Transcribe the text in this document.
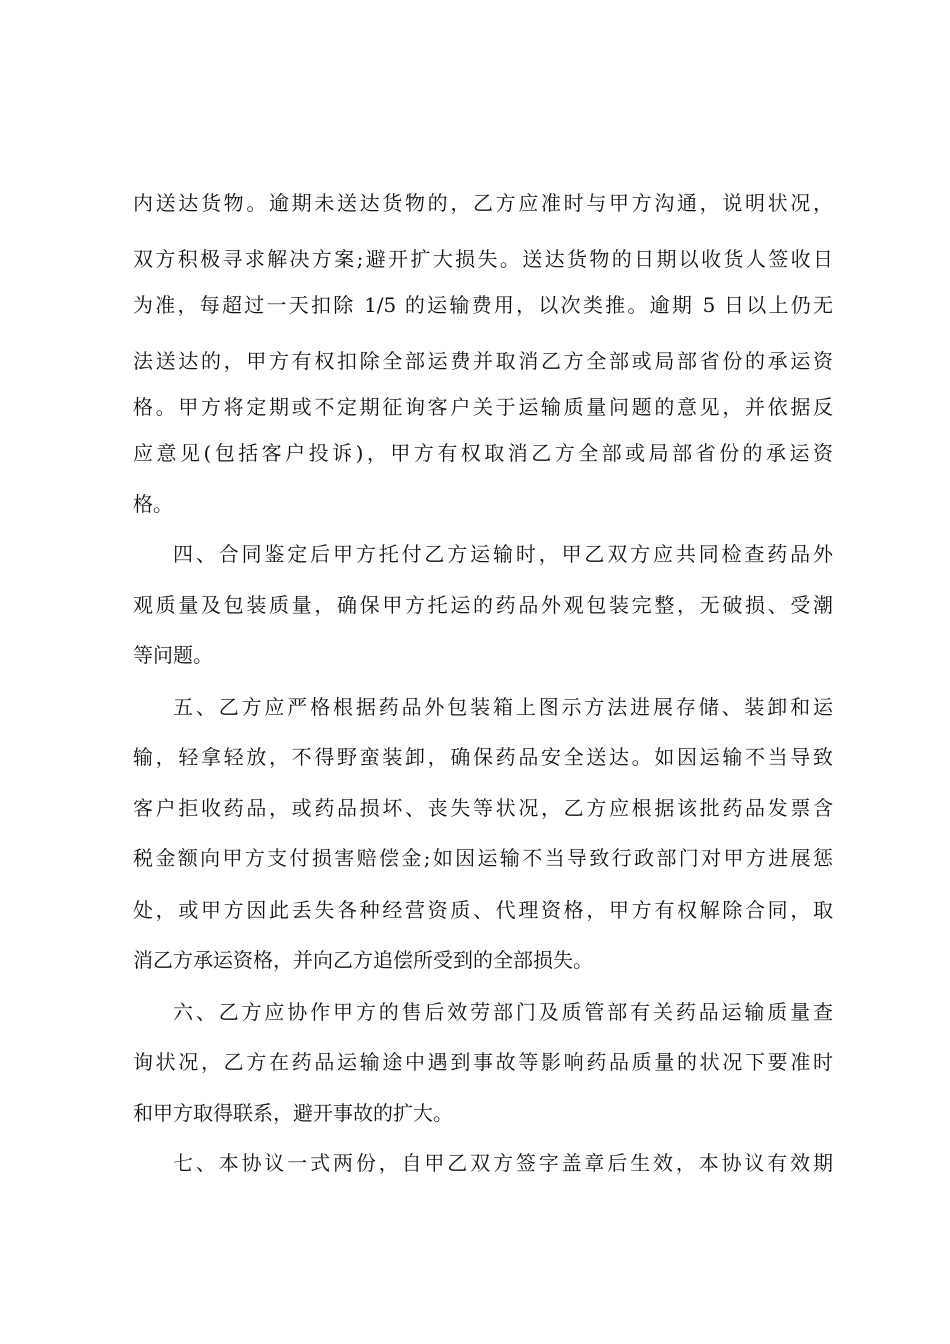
内送达货物。逾期未送达货物的，乙方应准时与甲方沟通，说明状况，
双方积极寻求解决方案;避开扩大损失。送达货物的日期以收货人签收日
为准，每超过一天扣除 1/5 的运输费用，以次类推。逾期 5 日以上仍无
法送达的，甲方有权扣除全部运费并取消乙方全部或局部省份的承运资
格。甲方将定期或不定期征询客户关于运输质量问题的意见，并依据反
应意见(包括客户投诉)，甲方有权取消乙方全部或局部省份的承运资
格。
四、合同鉴定后甲方托付乙方运输时，甲乙双方应共同检查药品外
观质量及包装质量，确保甲方托运的药品外观包装完整，无破损、受潮
等问题。
五、乙方应严格根据药品外包装箱上图示方法进展存储、装卸和运
输，轻拿轻放，不得野蛮装卸，确保药品安全送达。如因运输不当导致
客户拒收药品，或药品损坏、丧失等状况，乙方应根据该批药品发票含
税金额向甲方支付损害赔偿金;如因运输不当导致行政部门对甲方进展惩
处，或甲方因此丢失各种经营资质、代理资格，甲方有权解除合同，取
消乙方承运资格，并向乙方追偿所受到的全部损失。
六、乙方应协作甲方的售后效劳部门及质管部有关药品运输质量查
询状况，乙方在药品运输途中遇到事故等影响药品质量的状况下要准时
和甲方取得联系，避开事故的扩大。
七、本协议一式两份，自甲乙双方签字盖章后生效，本协议有效期
